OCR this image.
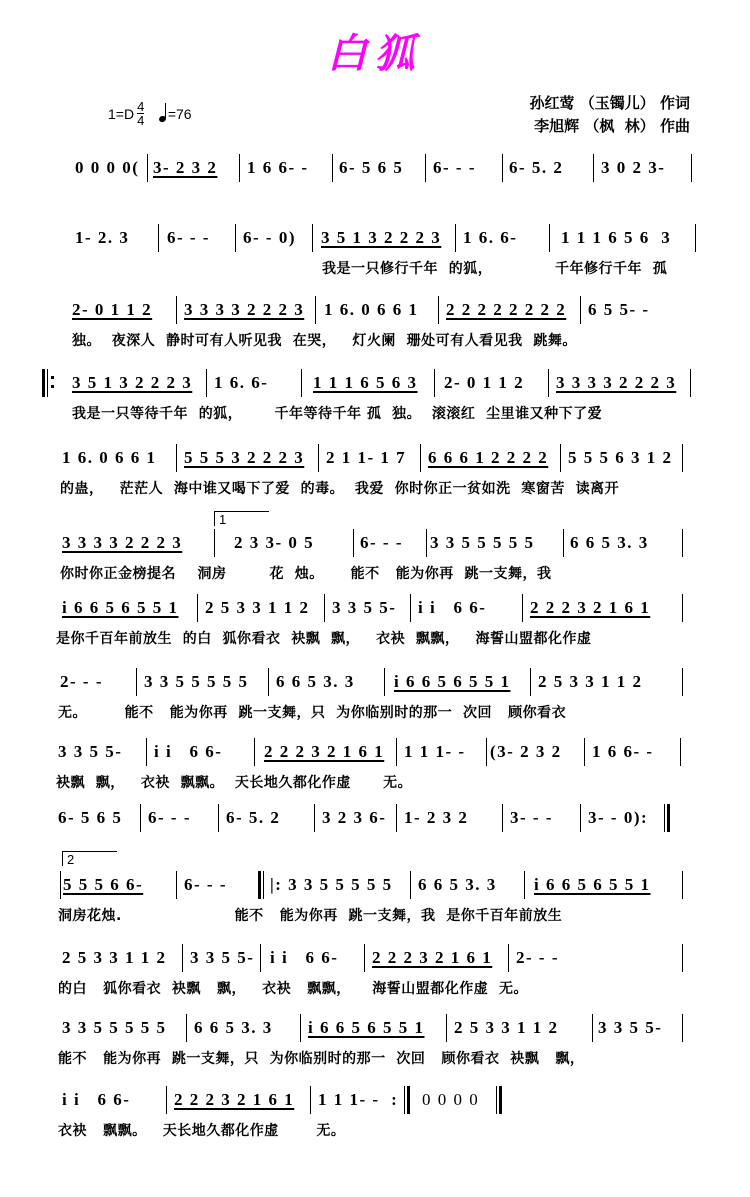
白狐
$1=D \frac{4}{4} =76$
孙红莺 （玉镯儿） 作词
李旭辉 （枫  林） 作曲
0 0 0 0( 3- 2 3 2 1 6 6- - 6- 5 6 5 6- - - 6- 5. 2 3 0 2 3-
1- 2. 3 6- - - 6- - 0) 3 5 1 3 2 2 2 3 1 6. 6-	1 1 1 6 5 6  3
我是一只修行千年  的狐，	千年修行千年  孤
2- 0 1 1 2 3 3 3 3 2 2 2 3 1 6. 0 6 6 1 2 2 2 2 2 2 2 2 6 5 5- -
独。  夜深人  静时可有人听见我  在哭，   灯火阑  珊处可有人看见我  跳舞。
3 5 1 3 2 2 2 3 1 6. 6-	1 1 1 6 5 6 3 2- 0 1 1 2 3 3 3 3 2 2 2 3
我是一只等待千年  的狐，      千年等待千年 孤  独。  滚滚红  尘里谁又种下了爱
1 6. 0 6 6 1 5 5 5 3 2 2 2 3 2 1 1- 1 7 6 6 6 1 2 2 2 2 5 5 5 6 3 1 2
的蛊，   茫茫人  海中谁又喝下了爱  的毒。  我爱  你时你正一贫如洗  寒窗苦  读离开
1
3 3 3 3 2 2 2 3	2 3 3- 0 5	6- - - 3 3 5 5 5 5 5 6 6 5 3. 3
你时你正金榜提名    洞房        花  烛。     能不   能为你再  跳一支舞，我
i 6 6 5 6 5 5 1 2 5 3 3 1 1 2 3 3 5 5- i i   6 6-	2 2 2 3 2 1 6 1
是你千百年前放生  的白  狐你看衣  袂飘  飘，   衣袂  飘飘，   海誓山盟都化作虚
2- - - 3 3 5 5 5 5 5 6 6 5 3. 3 i 6 6 5 6 5 5 1 2 5 3 3 1 1 2
无。       能不   能为你再  跳一支舞，只  为你临别时的那一  次回   顾你看衣
3 3 5 5- i i   6 6- 2 2 2 3 2 1 6 1 1 1 1- - (3- 2 3 2 1 6 6- -
袂飘  飘，   衣袂  飘飘。  天长地久都化作虚      无。
6- 5 6 5 6- - - 6- 5. 2 3 2 3 6- 1- 2 3 2 3- - - 3- - 0):
2
5 5 5 6 6- 6- - -	|: 3 3 5 5 5 5 5 6 6 5 3. 3 i 6 6 5 6 5 5 1
洞房花烛.                     能不   能为你再  跳一支舞，我  是你千百年前放生
2 5 3 3 1 1 2 3 3 5 5- i i   6 6- 2 2 2 3 2 1 6 1 2- - -
的白   狐你看衣  袂飘   飘，   衣袂   飘飘，    海誓山盟都化作虚  无。
3 3 5 5 5 5 5 6 6 5 3. 3 i 6 6 5 6 5 5 1 2 5 3 3 1 1 2 3 3 5 5-
能不   能为你再  跳一支舞，只  为你临别时的那一  次回   顾你看衣  袂飘   飘，
i i   6 6-	2 2 2 3 2 1 6 1 1 1 1- -  : 0 0 0 0
衣袂   飘飘。   天长地久都化作虚       无。
